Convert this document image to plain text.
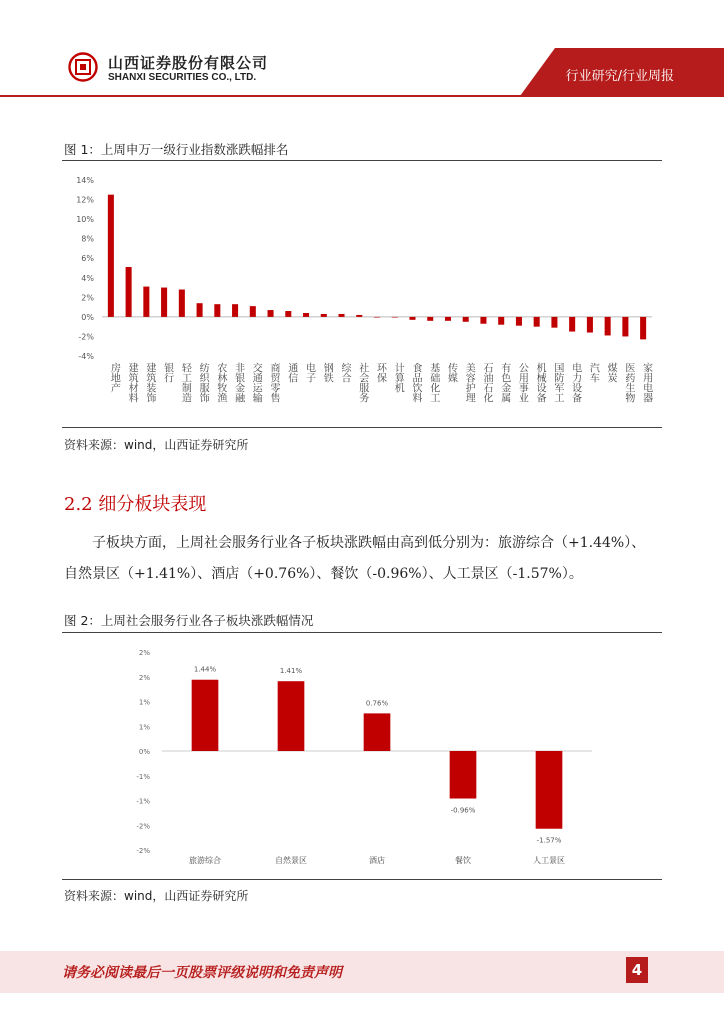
山西证券股份有限公司
SHANXI SECURITIES CO., LTD.	行业研究/行业周报
图 1：上周申万一级行业指数涨跌幅排名
14%
12%
10%
8%
6%
4%
2%
0%
-2%
-4%
房地产 建筑材料 建筑装饰 银行 轻工制造 纺织服饰 农林牧渔 非银金融 交通运输 商贸零售 通信 电子 钢铁 综合 社会服务 环保 计算机 食品饮料 基础化工 传媒 美容护理 石油石化 有色金属 公用事业 机械设备 国防军工 电力设备 汽车 煤炭 医药生物 家用电器
资料来源：wind，山西证券研究所
2.2 细分板块表现
子板块方面，上周社会服务行业各子板块涨跌幅由高到低分别为：旅游综合（+1.44%）、
自然景区（+1.41%）、酒店（+0.76%）、餐饮（-0.96%）、人工景区（-1.57%）。
图 2：上周社会服务行业各子板块涨跌幅情况
2%
2%
1%
1%
0%
-1%
-1%
-2%
-2%
1.44%
旅游综合
1.41%
自然景区
0.76%
酒店
-0.96%
餐饮
-1.57%
人工景区
资料来源：wind，山西证券研究所
请务必阅读最后一页股票评级说明和免责声明	4
